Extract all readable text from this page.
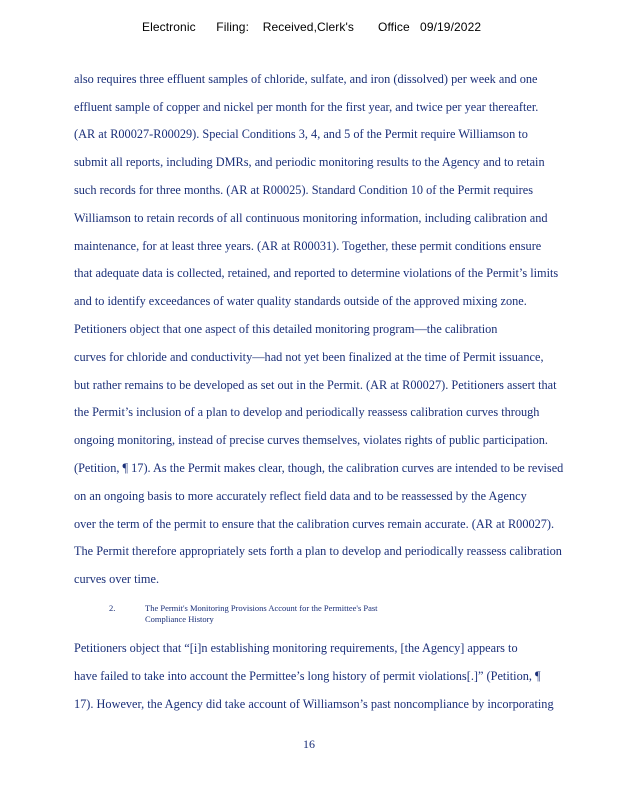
Electronic      Filing:    Received,Clerk's       Office   09/19/2022
also requires three effluent samples of chloride, sulfate, and iron (dissolved) per week and one
effluent sample of copper and nickel per month for the first year, and twice per year thereafter.
(AR at R00027-R00029). Special Conditions 3, 4, and 5 of the Permit require Williamson to
submit all reports, including DMRs, and periodic monitoring results to the Agency and to retain
such records for three months. (AR at R00025). Standard Condition 10 of the Permit requires
Williamson to retain records of all continuous monitoring information, including calibration and
maintenance, for at least three years. (AR at R00031). Together, these permit conditions ensure
that adequate data is collected, retained, and reported to determine violations of the Permit’s limits
and to identify exceedances of water quality standards outside of the approved mixing zone.
Petitioners object that one aspect of this detailed monitoring program—the calibration
curves for chloride and conductivity—had not yet been finalized at the time of Permit issuance,
but rather remains to be developed as set out in the Permit. (AR at R00027). Petitioners assert that
the Permit’s inclusion of a plan to develop and periodically reassess calibration curves through
ongoing monitoring, instead of precise curves themselves, violates rights of public participation.
(Petition, ¶ 17). As the Permit makes clear, though, the calibration curves are intended to be revised
on an ongoing basis to more accurately reflect field data and to be reassessed by the Agency
over the term of the permit to ensure that the calibration curves remain accurate. (AR at R00027).
The Permit therefore appropriately sets forth a plan to develop and periodically reassess calibration
curves over time.
Petitioners object that “[i]n establishing monitoring requirements, [the Agency] appears to
have failed to take into account the Permittee’s long history of permit violations[.]” (Petition, ¶
17). However, the Agency did take account of Williamson’s past noncompliance by incorporating
2.	The Permit's Monitoring Provisions Account for the Permittee's Past
Compliance History
16
